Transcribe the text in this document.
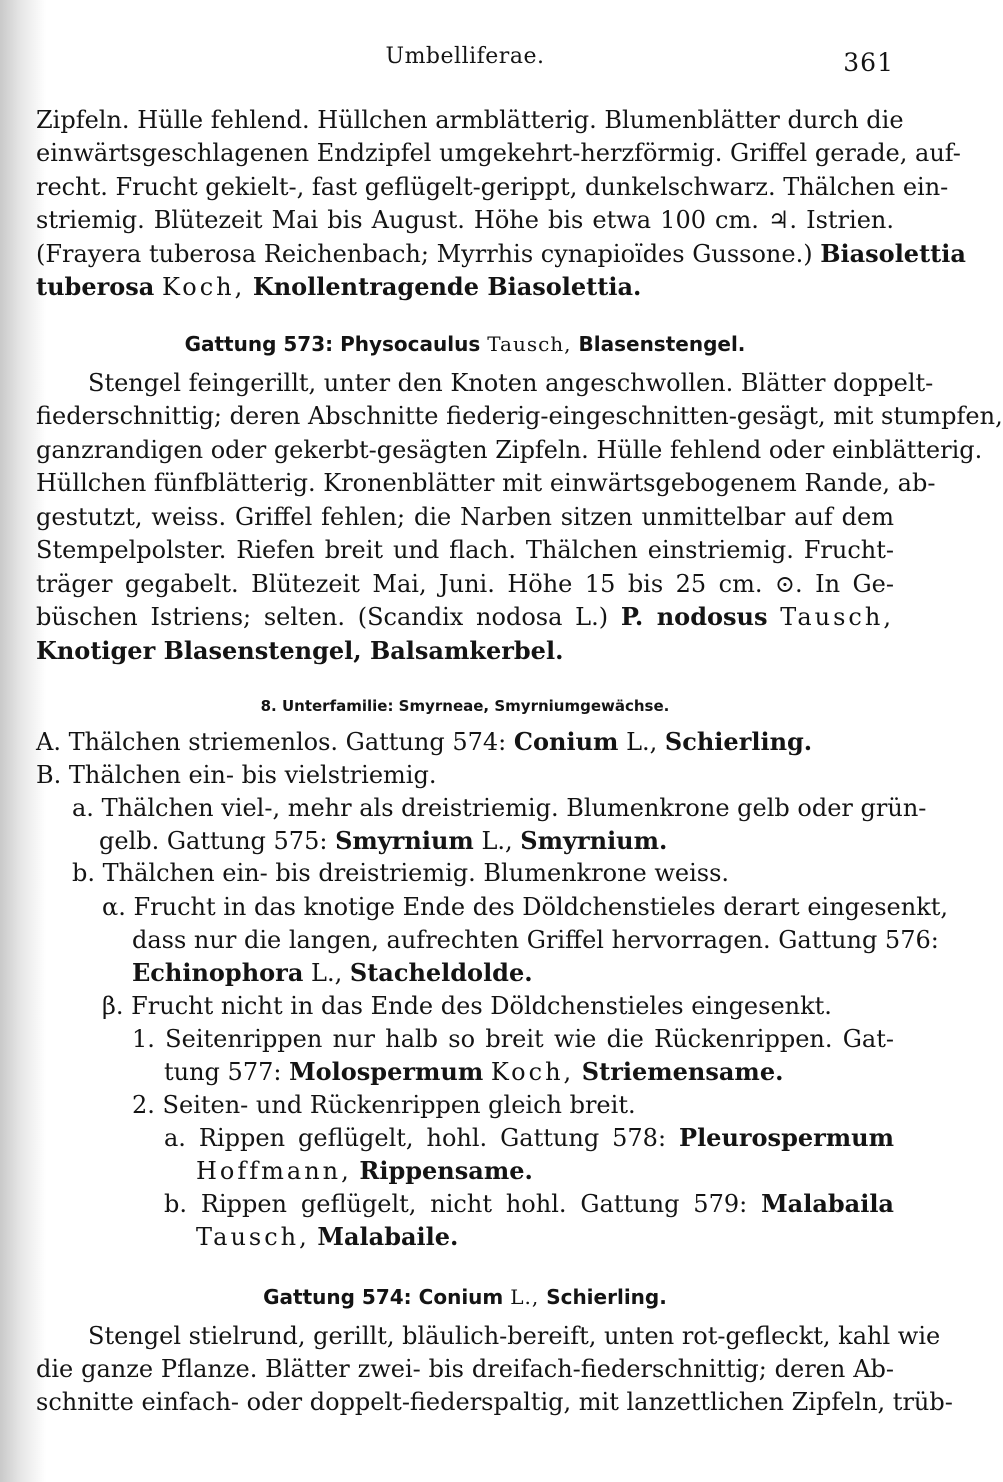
Umbelliferae.	361
Zipfeln. Hülle fehlend. Hüllchen armblätterig. Blumenblätter durch die
einwärtsgeschlagenen Endzipfel umgekehrt-herzförmig. Griffel gerade, auf-
recht. Frucht gekielt-, fast geflügelt-gerippt, dunkelschwarz. Thälchen ein-
striemig. Blütezeit Mai bis August. Höhe bis etwa 100 cm. ♃. Istrien.
(Frayera tuberosa Reichenbach; Myrrhis cynapioïdes Gussone.) Biasolettia
tuberosa Koch, Knollentragende Biasolettia.
Gattung 573: Physocaulus Tausch, Blasenstengel.
Stengel feingerillt, unter den Knoten angeschwollen. Blätter doppelt-
fiederschnittig; deren Abschnitte fiederig-eingeschnitten-gesägt, mit stumpfen,
ganzrandigen oder gekerbt-gesägten Zipfeln. Hülle fehlend oder einblätterig.
Hüllchen fünfblätterig. Kronenblätter mit einwärtsgebogenem Rande, ab-
gestutzt, weiss. Griffel fehlen; die Narben sitzen unmittelbar auf dem
Stempelpolster. Riefen breit und flach. Thälchen einstriemig. Frucht-
träger gegabelt. Blütezeit Mai, Juni. Höhe 15 bis 25 cm. ⊙. In Ge-
büschen Istriens; selten. (Scandix nodosa L.) P. nodosus Tausch,
Knotiger Blasenstengel, Balsamkerbel.
8. Unterfamilie: Smyrneae, Smyrniumgewächse.
A. Thälchen striemenlos. Gattung 574: Conium L., Schierling.
B. Thälchen ein- bis vielstriemig.
a. Thälchen viel-, mehr als dreistriemig. Blumenkrone gelb oder grün-
gelb. Gattung 575: Smyrnium L., Smyrnium.
b. Thälchen ein- bis dreistriemig. Blumenkrone weiss.
α. Frucht in das knotige Ende des Döldchenstieles derart eingesenkt,
dass nur die langen, aufrechten Griffel hervorragen. Gattung 576:
Echinophora L., Stacheldolde.
β. Frucht nicht in das Ende des Döldchenstieles eingesenkt.
1. Seitenrippen nur halb so breit wie die Rückenrippen. Gat-
tung 577: Molospermum Koch, Striemensame.
2. Seiten- und Rückenrippen gleich breit.
a. Rippen geflügelt, hohl. Gattung 578: Pleurospermum
Hoffmann, Rippensame.
b. Rippen geflügelt, nicht hohl. Gattung 579: Malabaila
Tausch, Malabaile.
Gattung 574: Conium L., Schierling.
Stengel stielrund, gerillt, bläulich-bereift, unten rot-gefleckt, kahl wie
die ganze Pflanze. Blätter zwei- bis dreifach-fiederschnittig; deren Ab-
schnitte einfach- oder doppelt-fiederspaltig, mit lanzettlichen Zipfeln, trüb-
